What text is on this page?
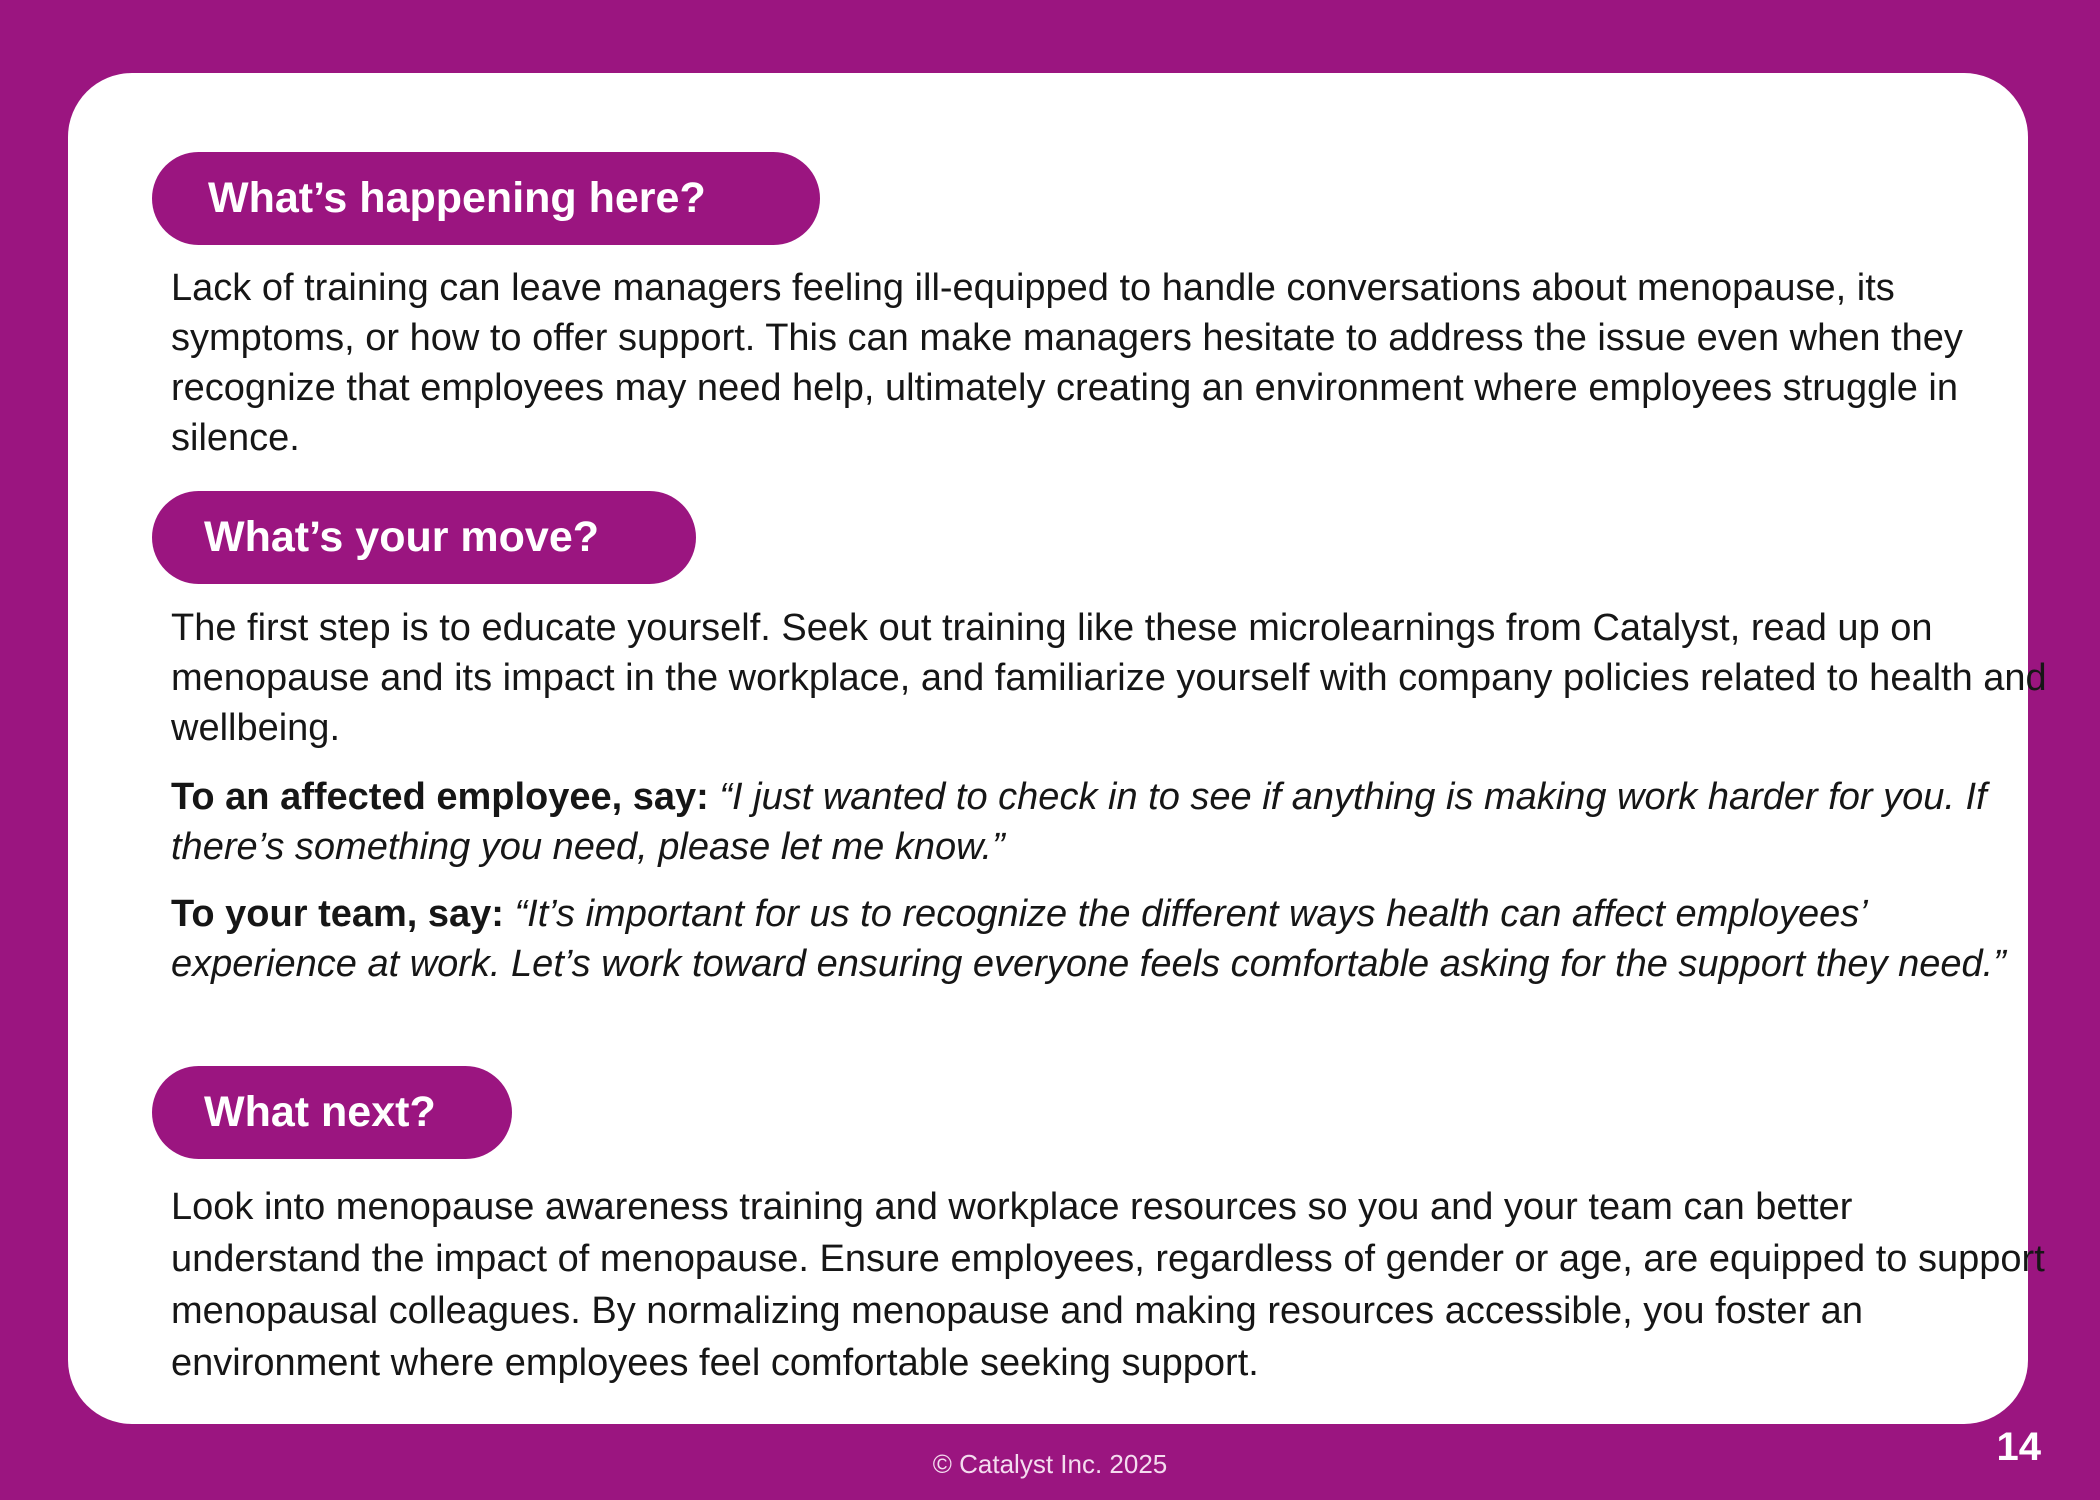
What’s happening here?

Lack of training can leave managers feeling ill-equipped to handle conversations about menopause, its symptoms, or how to offer support. This can make managers hesitate to address the issue even when they recognize that employees may need help, ultimately creating an environment where employees struggle in silence.

What’s your move?

The first step is to educate yourself. Seek out training like these microlearnings from Catalyst, read up on menopause and its impact in the workplace, and familiarize yourself with company policies related to health and wellbeing.

To an affected employee, say: “I just wanted to check in to see if anything is making work harder for you. If there’s something you need, please let me know.”

To your team, say: “It’s important for us to recognize the different ways health can affect employees’ experience at work. Let’s work toward ensuring everyone feels comfortable asking for the support they need.”

What next?

Look into menopause awareness training and workplace resources so you and your team can better understand the impact of menopause. Ensure employees, regardless of gender or age, are equipped to support menopausal colleagues. By normalizing menopause and making resources accessible, you foster an environment where employees feel comfortable seeking support.

© Catalyst Inc. 2025	14
